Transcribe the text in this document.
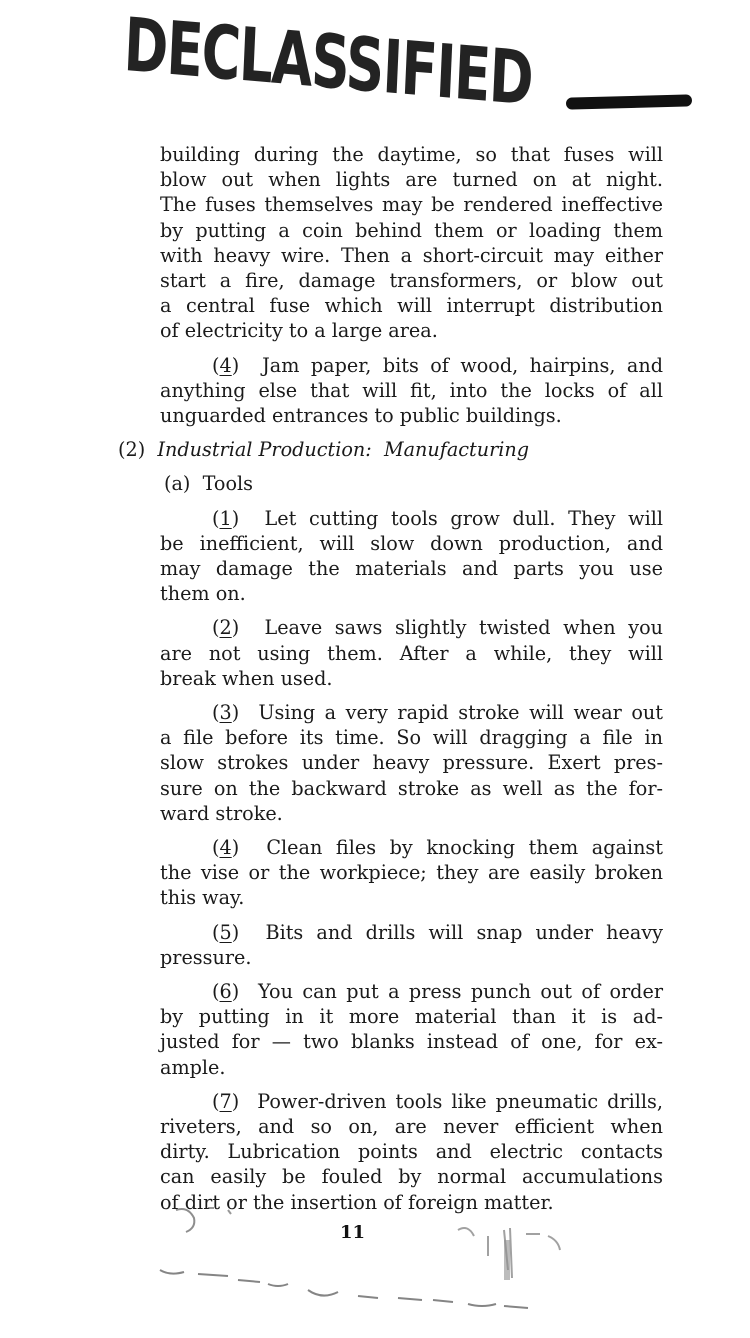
DECLASSIFIED
building during the daytime, so that fuses will
blow out when lights are turned on at night.
The fuses themselves may be rendered ineffective
by putting a coin behind them or loading them
with heavy wire. Then a short-circuit may either
start a fire, damage transformers, or blow out
a central fuse which will interrupt distribution
of electricity to a large area.
(4)  Jam paper, bits of wood, hairpins, and
anything else that will fit, into the locks of all
unguarded entrances to public buildings.
(2) Industrial Production: Manufacturing
(a) Tools
(1)  Let cutting tools grow dull. They will
be inefficient, will slow down production, and
may damage the materials and parts you use
them on.
(2)  Leave saws slightly twisted when you
are not using them. After a while, they will
break when used.
(3)  Using a very rapid stroke will wear out
a file before its time. So will dragging a file in
slow strokes under heavy pressure. Exert pres-
sure on the backward stroke as well as the for-
ward stroke.
(4)  Clean files by knocking them against
the vise or the workpiece; they are easily broken
this way.
(5)  Bits and drills will snap under heavy
pressure.
(6)  You can put a press punch out of order
by putting in it more material than it is ad-
justed for — two blanks instead of one, for ex-
ample.
(7)  Power-driven tools like pneumatic drills,
riveters, and so on, are never efficient when
dirty. Lubrication points and electric contacts
can easily be fouled by normal accumulations
of dirt or the insertion of foreign matter.
11
